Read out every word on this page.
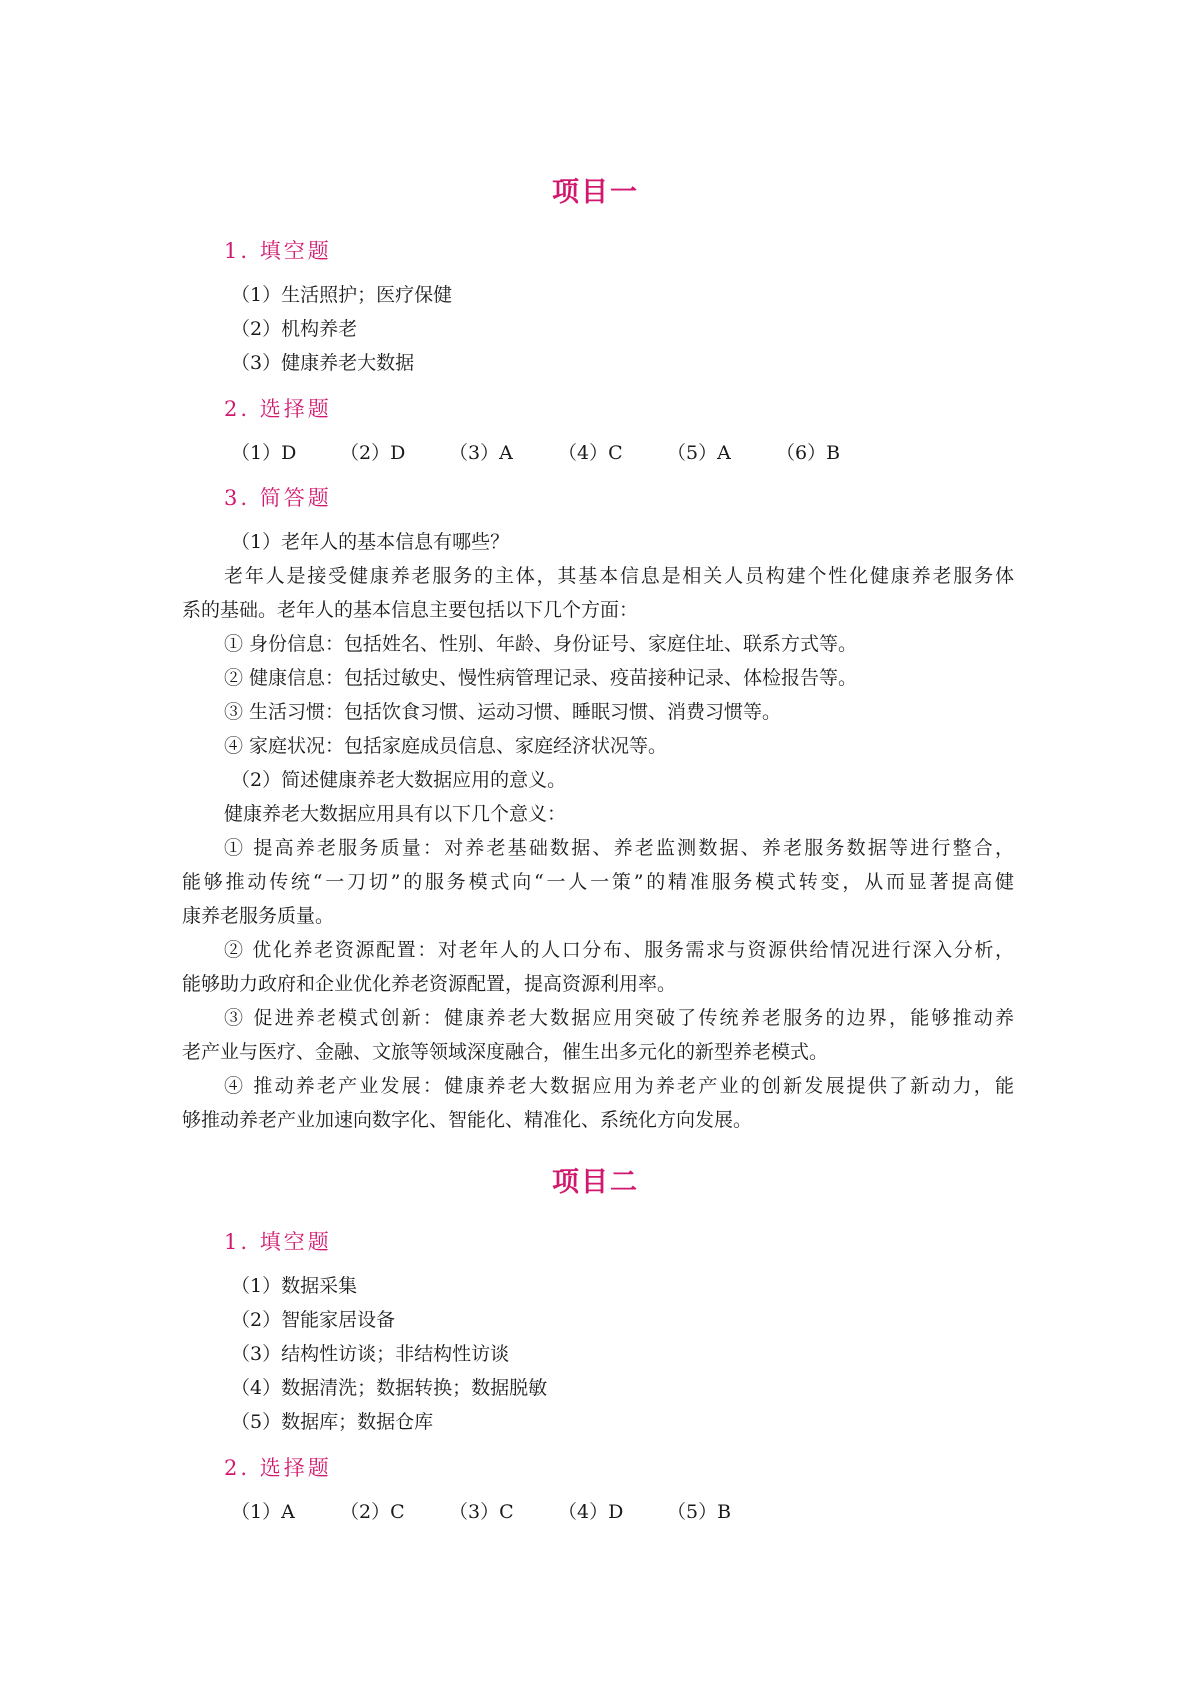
项目一
1. 填空题
（1）生活照护；医疗保健
（2）机构养老
（3）健康养老大数据
2. 选择题
（1）D （2）D （3）A （4）C （5）A （6）B
3. 简答题
（1）老年人的基本信息有哪些？
老年人是接受健康养老服务的主体，其基本信息是相关人员构建个性化健康养老服务体
系的基础。老年人的基本信息主要包括以下几个方面：
① 身份信息：包括姓名、性别、年龄、身份证号、家庭住址、联系方式等。
② 健康信息：包括过敏史、慢性病管理记录、疫苗接种记录、体检报告等。
③ 生活习惯：包括饮食习惯、运动习惯、睡眠习惯、消费习惯等。
④ 家庭状况：包括家庭成员信息、家庭经济状况等。
（2）简述健康养老大数据应用的意义。
健康养老大数据应用具有以下几个意义：
① 提高养老服务质量：对养老基础数据、养老监测数据、养老服务数据等进行整合，
能够推动传统“一刀切”的服务模式向“一人一策”的精准服务模式转变，从而显著提高健
康养老服务质量。
② 优化养老资源配置：对老年人的人口分布、服务需求与资源供给情况进行深入分析，
能够助力政府和企业优化养老资源配置，提高资源利用率。
③ 促进养老模式创新：健康养老大数据应用突破了传统养老服务的边界，能够推动养
老产业与医疗、金融、文旅等领域深度融合，催生出多元化的新型养老模式。
④ 推动养老产业发展：健康养老大数据应用为养老产业的创新发展提供了新动力，能
够推动养老产业加速向数字化、智能化、精准化、系统化方向发展。
项目二
1. 填空题
（1）数据采集
（2）智能家居设备
（3）结构性访谈；非结构性访谈
（4）数据清洗；数据转换；数据脱敏
（5）数据库；数据仓库
2. 选择题
（1）A （2）C （3）C （4）D （5）B
